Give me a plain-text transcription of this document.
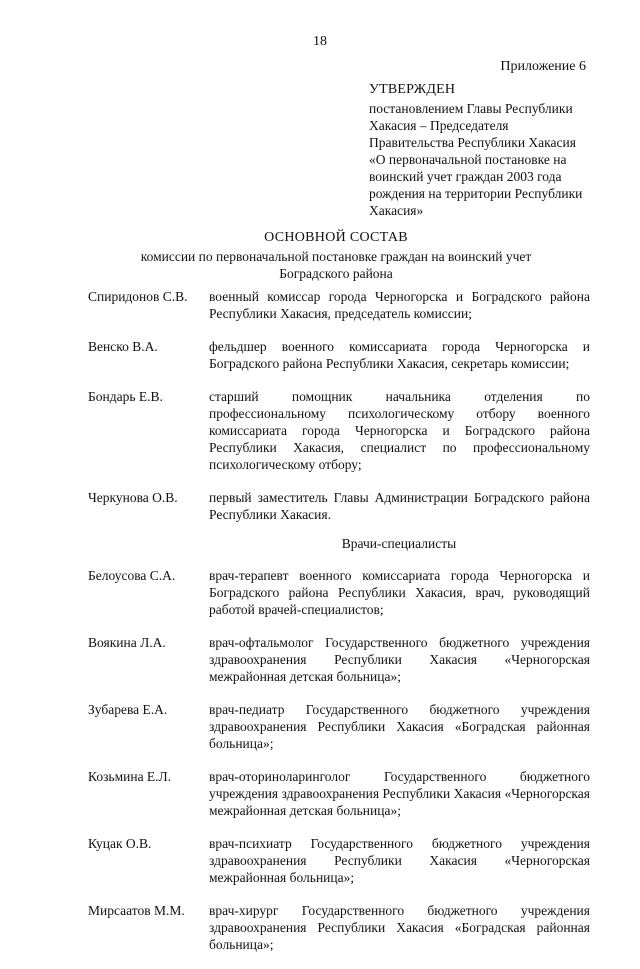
18
Приложение 6
УТВЕРЖДЕН
постановлением Главы Республики Хакасия – Председателя Правительства Республики Хакасия «О первоначальной постановке на воинский учет граждан 2003 года рождения на территории Республики Хакасия»
ОСНОВНОЙ СОСТАВ
комиссии по первоначальной постановке граждан на воинский учет Боградского района
Спиридонов С.В.	военный комиссар города Черногорска и Боградского района Республики Хакасия, председатель комиссии;
Венско В.А.	фельдшер военного комиссариата города Черногорска и Боградского района Республики Хакасия, секретарь комиссии;
Бондарь Е.В.	старший помощник начальника отделения по профессиональному психологическому отбору военного комиссариата города Черногорска и Боградского района Республики Хакасия, специалист по профессиональному психологическому отбору;
Черкунова О.В.	первый заместитель Главы Администрации Боградского района Республики Хакасия.
Врачи-специалисты
Белоусова С.А.	врач-терапевт военного комиссариата города Черногорска и Боградского района Республики Хакасия, врач, руководящий работой врачей-специалистов;
Воякина Л.А.	врач-офтальмолог Государственного бюджетного учреждения здравоохранения Республики Хакасия «Черногорская межрайонная детская больница»;
Зубарева Е.А.	врач-педиатр Государственного бюджетного учреждения здравоохранения Республики Хакасия «Боградская районная больница»;
Козьмина Е.Л.	врач-оториноларинголог Государственного бюджетного учреждения здравоохранения Республики Хакасия «Черногорская межрайонная детская больница»;
Куцак О.В.	врач-психиатр Государственного бюджетного учреждения здравоохранения Республики Хакасия «Черногорская межрайонная больница»;
Мирсаатов М.М.	врач-хирург Государственного бюджетного учреждения здравоохранения Республики Хакасия «Боградская районная больница»;
